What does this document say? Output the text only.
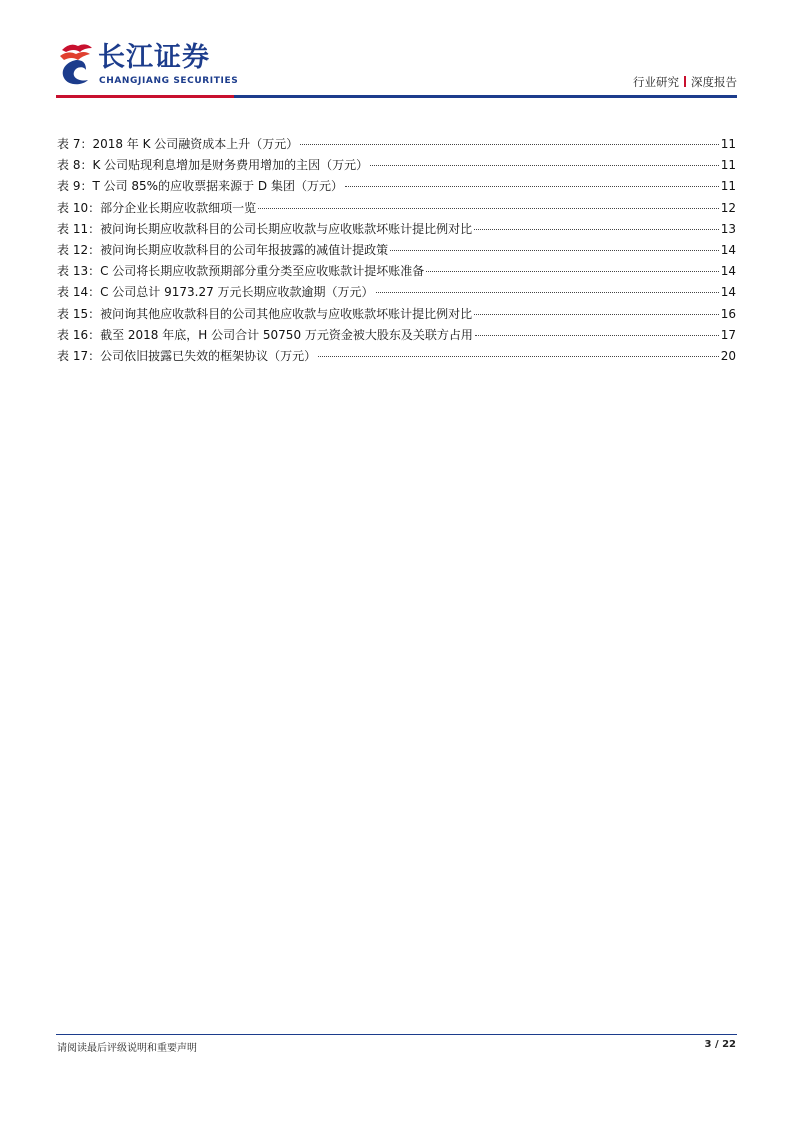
长江证券
CHANGJIANG SECURITIES	行业研究 深度报告
表 7：2018 年 K 公司融资成本上升（万元）	11
表 8：K 公司贴现利息增加是财务费用增加的主因（万元）	11
表 9：T 公司 85%的应收票据来源于 D 集团（万元）	11
表 10：部分企业长期应收款细项一览	12
表 11：被问询长期应收款科目的公司长期应收款与应收账款坏账计提比例对比	13
表 12：被问询长期应收款科目的公司年报披露的减值计提政策	14
表 13：C 公司将长期应收款预期部分重分类至应收账款计提坏账准备	14
表 14：C 公司总计 9173.27 万元长期应收款逾期（万元）	14
表 15：被问询其他应收款科目的公司其他应收款与应收账款坏账计提比例对比	16
表 16：截至 2018 年底，H 公司合计 50750 万元资金被大股东及关联方占用	17
表 17：公司依旧披露已失效的框架协议（万元）	20
请阅读最后评级说明和重要声明	3 / 22
